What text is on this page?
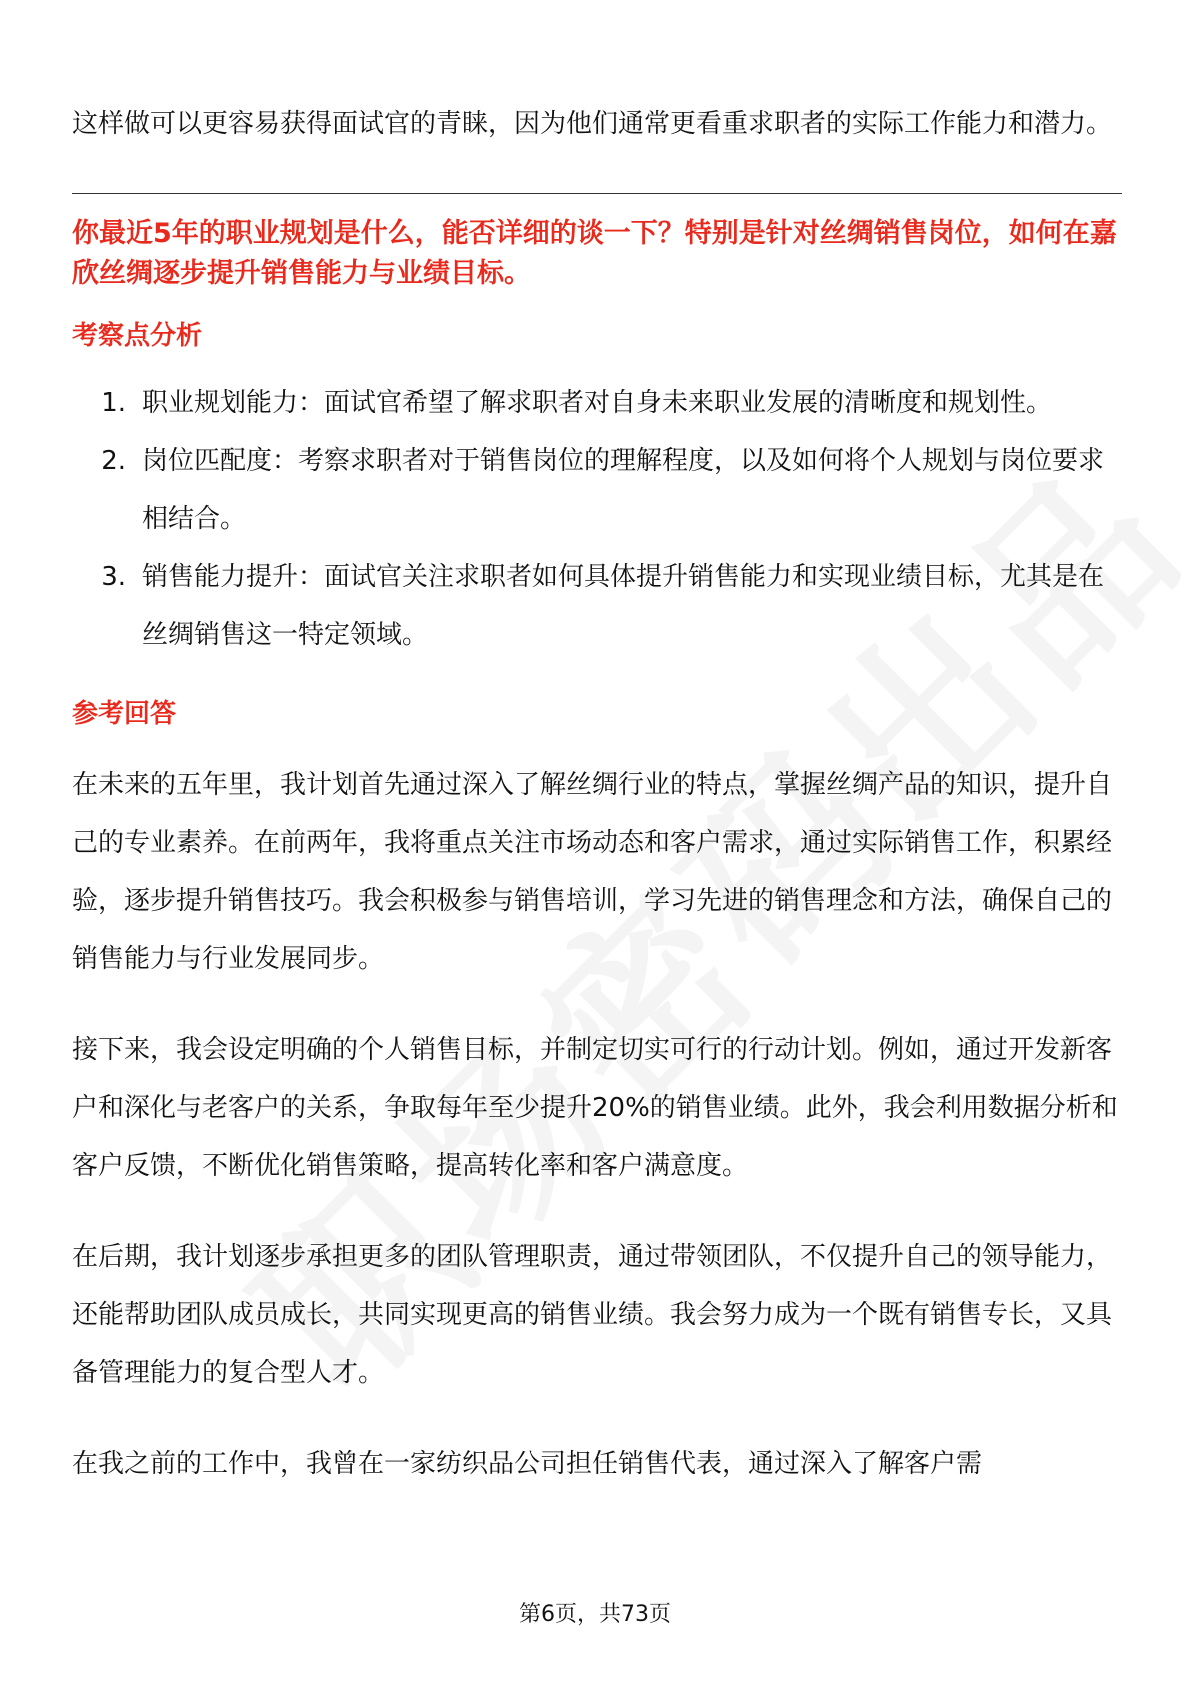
这样做可以更容易获得面试官的青睐，因为他们通常更看重求职者的实际工作能力和潜力。

你最近5年的职业规划是什么，能否详细的谈一下？特别是针对丝绸销售岗位，如何在嘉欣丝绸逐步提升销售能力与业绩目标。

考察点分析
1. 职业规划能力：面试官希望了解求职者对自身未来职业发展的清晰度和规划性。
2. 岗位匹配度：考察求职者对于销售岗位的理解程度，以及如何将个人规划与岗位要求相结合。
3. 销售能力提升：面试官关注求职者如何具体提升销售能力和实现业绩目标，尤其是在丝绸销售这一特定领域。
参考回答

在未来的五年里，我计划首先通过深入了解丝绸行业的特点，掌握丝绸产品的知识，提升自己的专业素养。在前两年，我将重点关注市场动态和客户需求，通过实际销售工作，积累经验，逐步提升销售技巧。我会积极参与销售培训，学习先进的销售理念和方法，确保自己的销售能力与行业发展同步。

接下来，我会设定明确的个人销售目标，并制定切实可行的行动计划。例如，通过开发新客户和深化与老客户的关系，争取每年至少提升20%的销售业绩。此外，我会利用数据分析和客户反馈，不断优化销售策略，提高转化率和客户满意度。

在后期，我计划逐步承担更多的团队管理职责，通过带领团队，不仅提升自己的领导能力，还能帮助团队成员成长，共同实现更高的销售业绩。我会努力成为一个既有销售专长，又具备管理能力的复合型人才。

在我之前的工作中，我曾在一家纺织品公司担任销售代表，通过深入了解客户需

第6页，共73页
